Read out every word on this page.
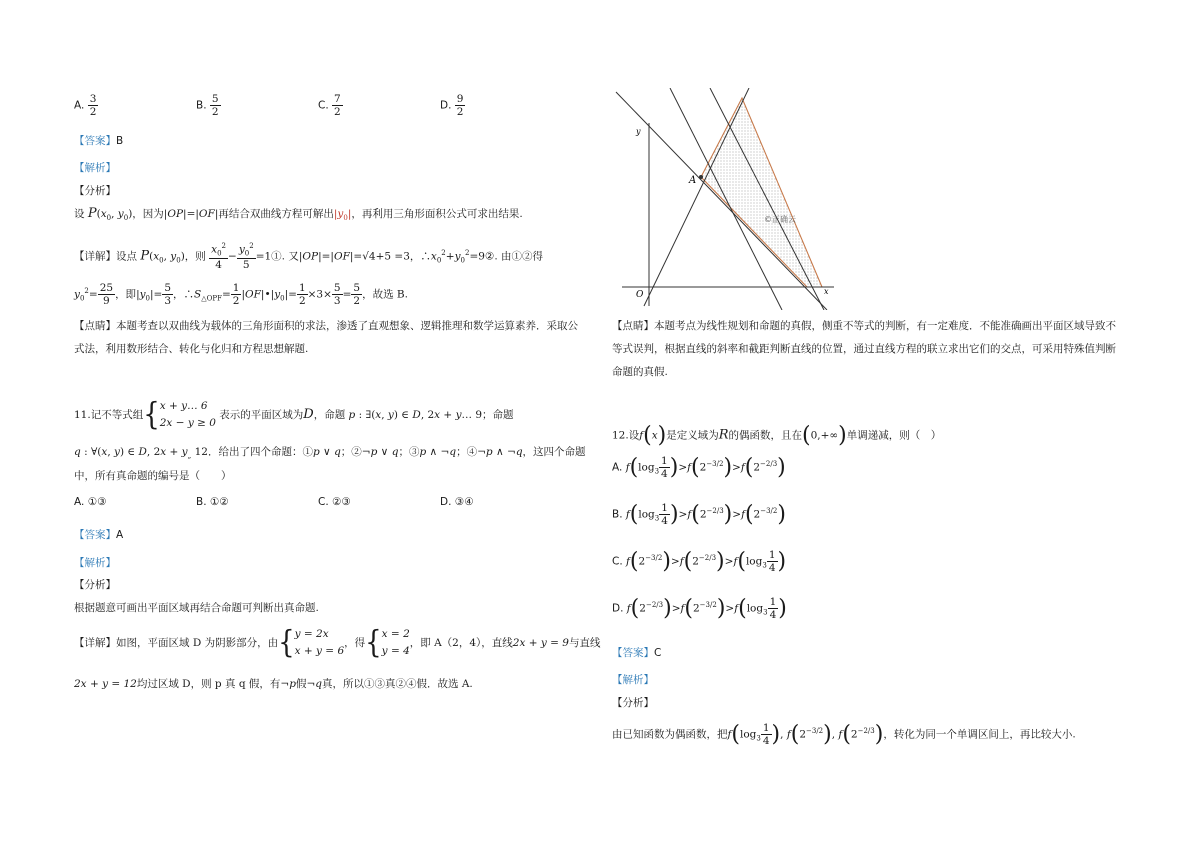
A. $\frac{3}{2}$	B. $\frac{5}{2}$	C. $\frac{7}{2}$	D. $\frac{9}{2}$
【答案】B
【解析】
【分析】
设 $P(x_0$, $y_0$)，因为|OP|=|OF|再结合双曲线方程可解出$|y_0|$，再利用三角形面积公式可求出结果.
【详解】设点 $P(x_0$, $y_0$)，则 $\frac{x_0^2}{4} - \frac{y_0^2}{5}$ =1①. 又|OP|=|OF|=√4+5 =3，$\therefore x_0^2+y_0^2=9②$. 由①②得
$y_0^2= \frac{25}{9}$ ，即$|y_0|= \frac{5}{3}$ ，$\therefore S_{\triangle OPF}= \frac{1}{2}$ $|OF|•|y_0|= \frac{1}{2} \times 3\times \frac{5}{3} = \frac{5}{2}$ ，故选 B.
【点睛】本题考查以双曲线为载体的三角形面积的求法，渗透了直观想象、逻辑推理和数学运算素养．采取公
式法，利用数形结合、转化与化归和方程思想解题.
11.记不等式组{ x + y… 6
2x − y ≥ 0
表示的平面区域为D，命题 p : ∃(x, y) ∈ D, 2x + y… 9；命题
q : ∀(x, y) ∈ D, $2x + y_„$ 12．给出了四个命题：①p ∨ q；②¬p ∨ q；③p ∧ ¬q；④¬p ∧ ¬q，这四个命题
中，所有真命题的编号是（　　）
A. ①③	B. ①②	C. ②③	D. ③④
【答案】A
【解析】
【分析】
根据题意可画出平面区域再结合命题可判断出真命题.
【详解】如图，平面区域 D 为阴影部分，由{ y = 2x
x + y = 6
，得{ x = 2
y = 4
，即 A（2，4），直线2x + y = 9与直线
2x + y = 12均过区域 D，则 p 真 q 假，有¬p假¬q真，所以①③真②④假．故选 A.
A
O	x
y
©正确云
【点睛】本题考点为线性规划和命题的真假，侧重不等式的判断，有一定难度．不能准确画出平面区域导致不
等式误判，根据直线的斜率和截距判断直线的位置，通过直线方程的联立求出它们的交点，可采用特殊值判断
命题的真假.
12.设f(x)是定义域为R的偶函数，且在(0,+∞)单调递减，则（　）
A. $f(\log_3 \frac{1}{4} )>f(2^{-3/2})>f(2^{-2/3})$
B. $f(\log_3 \frac{1}{4} )>f(2^{-2/3})>f(2^{-3/2})$
C. $f(2^{-3/2})>f(2^{-2/3})>f(\log_3 \frac{1}{4}$ )
D. $f(2^{-2/3})>f(2^{-3/2})>f(\log_3 \frac{1}{4}$ )
【答案】C
【解析】
【分析】
由已知函数为偶函数，把$f(\log_3 \frac{1}{4}$ ), $f(2^{-3/2})$, $f(2^{-2/3})$，转化为同一个单调区间上，再比较大小.
